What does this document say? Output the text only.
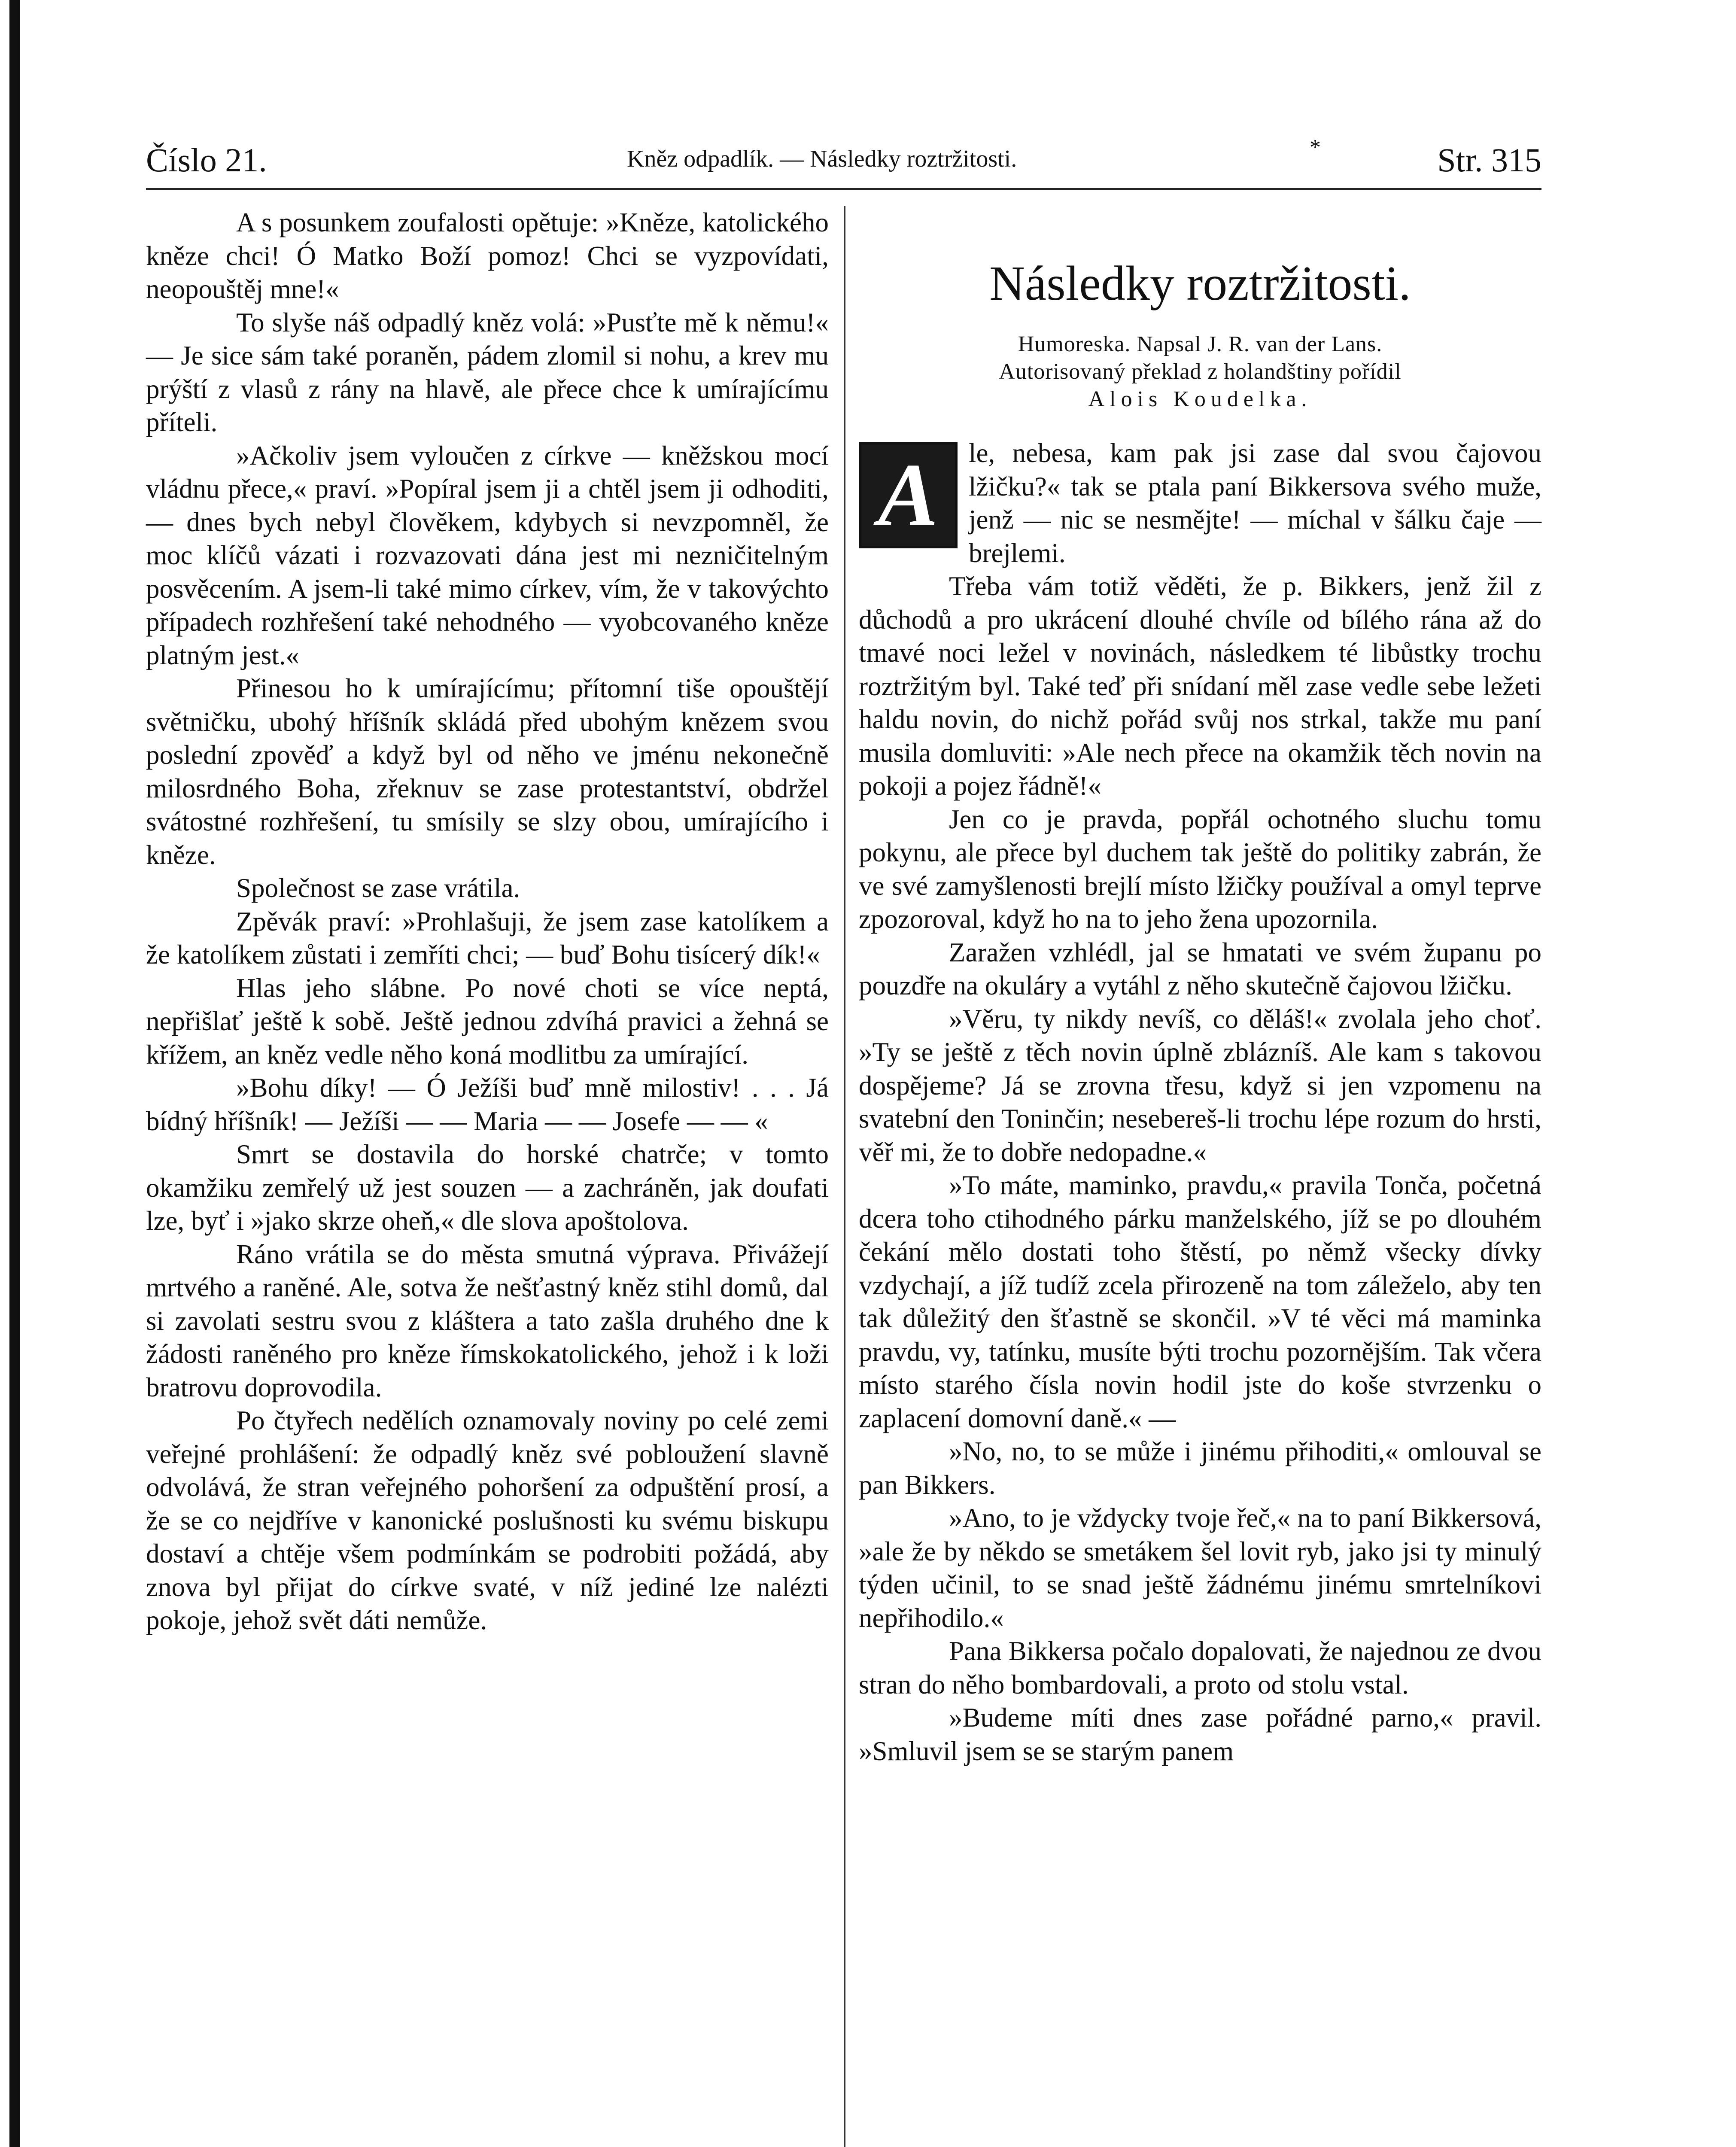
Číslo 21.	Kněz odpadlík. — Následky roztržitosti.	*	Str. 315

A s posunkem zoufalosti opětuje: »Kněze, katolického kněze chci! Ó Matko Boží pomoz! Chci se vyzpovídati, neopouštěj mne!«

To slyše náš odpadlý kněz volá: »Pusťte mě k němu!« — Je sice sám také poraněn, pádem zlomil si nohu, a krev mu prýští z vlasů z rány na hlavě, ale přece chce k umírajícímu příteli.

»Ačkoliv jsem vyloučen z církve — kněžskou mocí vládnu přece,« praví. »Popíral jsem ji a chtěl jsem ji odhoditi, — dnes bych nebyl člověkem, kdybych si nevzpomněl, že moc klíčů vázati i rozvazovati dána jest mi nezničitelným posvěcením. A jsem-li také mimo církev, vím, že v takovýchto případech rozhřešení také nehodného — vyobcovaného kněze platným jest.«

Přinesou ho k umírajícímu; přítomní tiše opouštějí světničku, ubohý hříšník skládá před ubohým knězem svou poslední zpověď a když byl od něho ve jménu nekonečně milosrdného Boha, zřeknuv se zase protestantství, obdržel svátostné rozhřešení, tu smísily se slzy obou, umírajícího i kněze.

Společnost se zase vrátila.

Zpěvák praví: »Prohlašuji, že jsem zase katolíkem a že katolíkem zůstati i zemříti chci; — buď Bohu tisícerý dík!«

Hlas jeho slábne. Po nové choti se více neptá, nepřišlať ještě k sobě. Ještě jednou zdvíhá pravici a žehná se křížem, an kněz vedle něho koná modlitbu za umírající.

»Bohu díky! — Ó Ježíši buď mně milostiv! . . . Já bídný hříšník! — Ježíši — — Maria — — Josefe — — «

Smrt se dostavila do horské chatrče; v tomto okamžiku zemřelý už jest souzen — a zachráněn, jak doufati lze, byť i »jako skrze oheň,« dle slova apoštolova.

Ráno vrátila se do města smutná výprava. Přivážejí mrtvého a raněné. Ale, sotva že nešťastný kněz stihl domů, dal si zavolati sestru svou z kláštera a tato zašla druhého dne k žádosti raněného pro kněze římskokatolického, jehož i k loži bratrovu doprovodila.

Po čtyřech nedělích oznamovaly noviny po celé zemi veřejné prohlášení: že odpadlý kněz své pobloužení slavně odvolává, že stran veřejného pohoršení za odpuštění prosí, a že se co nejdříve v kanonické poslušnosti ku svému biskupu dostaví a chtěje všem podmínkám se podrobiti požádá, aby znova byl přijat do církve svaté, v níž jediné lze nalézti pokoje, jehož svět dáti nemůže.

Následky roztržitosti.
Humoreska. Napsal J. R. van der Lans.
Autorisovaný překlad z holandštiny pořídil
Alois Koudelka.

A	le, nebesa, kam pak jsi zase dal svou čajovou lžičku?« tak se ptala paní Bikkersova svého muže, jenž — nic se nesmějte! — míchal v šálku čaje — brejlemi.

Třeba vám totiž věděti, že p. Bikkers, jenž žil z důchodů a pro ukrácení dlouhé chvíle od bílého rána až do tmavé noci ležel v novinách, následkem té libůstky trochu roztržitým byl. Také teď při snídaní měl zase vedle sebe ležeti haldu novin, do nichž pořád svůj nos strkal, takže mu paní musila domluviti: »Ale nech přece na okamžik těch novin na pokoji a pojez řádně!«

Jen co je pravda, popřál ochotného sluchu tomu pokynu, ale přece byl duchem tak ještě do politiky zabrán, že ve své zamyšlenosti brejlí místo lžičky používal a omyl teprve zpozoroval, když ho na to jeho žena upozornila.

Zaražen vzhlédl, jal se hmatati ve svém županu po pouzdře na okuláry a vytáhl z něho skutečně čajovou lžičku.

»Věru, ty nikdy nevíš, co děláš!« zvolala jeho choť. »Ty se ještě z těch novin úplně zblázníš. Ale kam s takovou dospějeme? Já se zrovna třesu, když si jen vzpomenu na svatební den Toninčin; nesebereš-li trochu lépe rozum do hrsti, věř mi, že to dobře nedopadne.«

»To máte, maminko, pravdu,« pravila Tonča, početná dcera toho ctihodného párku manželského, jíž se po dlouhém čekání mělo dostati toho štěstí, po němž všecky dívky vzdychají, a jíž tudíž zcela přirozeně na tom záleželo, aby ten tak důležitý den šťastně se skončil. »V té věci má maminka pravdu, vy, tatínku, musíte býti trochu pozornějším. Tak včera místo starého čísla novin hodil jste do koše stvrzenku o zaplacení domovní daně.« —

»No, no, to se může i jinému přihoditi,« omlouval se pan Bikkers.

»Ano, to je vždycky tvoje řeč,« na to paní Bikkersová, »ale že by někdo se smetákem šel lovit ryb, jako jsi ty minulý týden učinil, to se snad ještě žádnému jinému smrtelníkovi nepřihodilo.«

Pana Bikkersa počalo dopalovati, že najednou ze dvou stran do něho bombardovali, a proto od stolu vstal.

»Budeme míti dnes zase pořádné parno,« pravil. »Smluvil jsem se se starým panem
